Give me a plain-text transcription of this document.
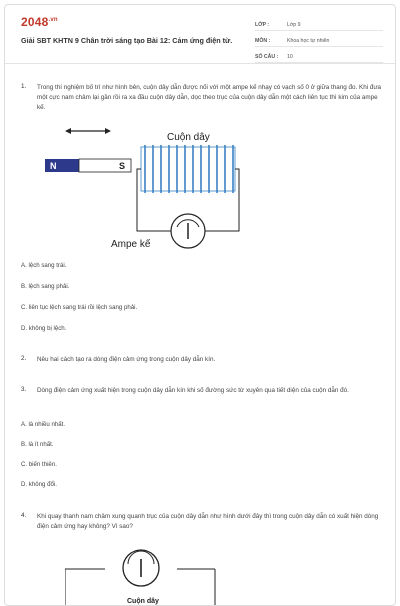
$2048^{.vn}$
Giải SBT KHTN 9 Chân trời sáng tạo Bài 12: Cảm ứng điện từ.
LỚP :	Lớp 9
MÔN :	Khoa học tự nhiên
SỐ CÂU :	10
1. Trong thí nghiệm bố trí như hình bên, cuộn dây dẫn được nối với một ampe kế nhạy có vạch số 0 ở giữa thang đo. Khi đưa một cực nam châm lại gần rồi ra xa đầu cuộn dây dẫn, dọc theo trục của cuộn dây dẫn một cách liên tục thì kim của ampe kế.
N	S
Cuộn dây
Ampe kế
A. lệch sang trái.
B. lệch sang phải.
C. liên tục lệch sang trái rồi lệch sang phải.
D. không bị lệch.
2. Nêu hai cách tạo ra dòng điện cảm ứng trong cuộn dây dẫn kín.
3. Dòng điện cảm ứng xuất hiện trong cuộn dây dẫn kín khi số đường sức từ xuyên qua tiết diện của cuộn dẫn đó.
A. là nhiều nhất.
B. là ít nhất.
C. biến thiên.
D. không đổi.
4. Khi quay thanh nam châm xung quanh trục của cuộn dây dẫn như hình dưới đây thì trong cuộn dây dẫn có xuất hiện dòng điện cảm ứng hay không? Vì sao?
Cuộn dây
